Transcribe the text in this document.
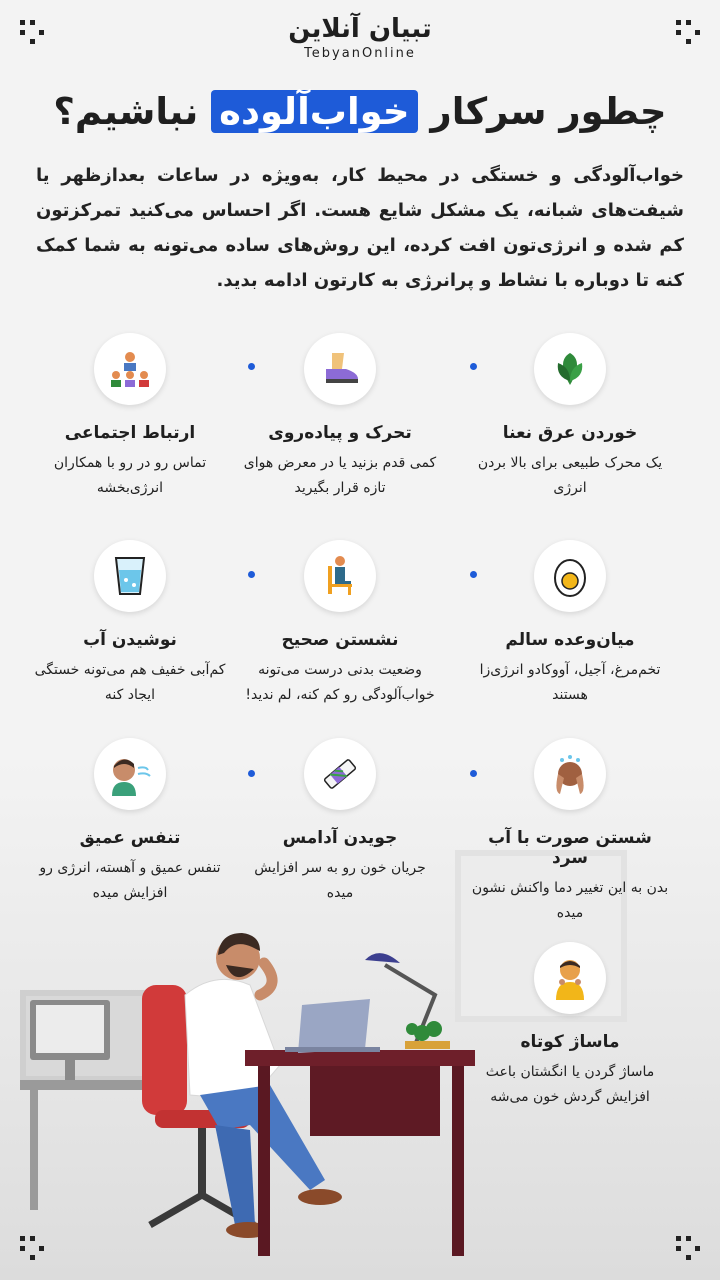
تبیان آنلاین
TebyanOnline
چطور سرکار خواب‌آلوده نباشیم؟
خواب‌آلودگی و خستگی در محیط کار، به‌ویژه در ساعات بعدازظهر یا شیفت‌های شبانه، یک مشکل شایع هست. اگر احساس می‌کنید تمرکزتون کم شده و انرژی‌تون افت کرده، این روش‌های ساده می‌تونه به شما کمک کنه تا دوباره با نشاط و پرانرژی به کارتون ادامه بدید.
خوردن عرق نعنا
یک محرک طبیعی برای بالا بردن انرژی
تحرک و پیاده‌روی
کمی قدم بزنید یا در معرض هوای تازه قرار بگیرید
ارتباط اجتماعی
تماس رو در رو با همکاران انرژی‌بخشه
میان‌وعده سالم
تخم‌مرغ، آجیل، آووکادو انرژی‌زا هستند
نشستن صحیح
وضعیت بدنی درست می‌تونه خواب‌آلودگی رو کم کنه، لم ندید!
نوشیدن آب
کم‌آبی خفیف هم می‌تونه خستگی ایجاد کنه
شستن صورت با آب سرد
بدن به این تغییر دما واکنش نشون میده
جویدن آدامس
جریان خون رو به سر افزایش میده
تنفس عمیق
تنفس عمیق و آهسته، انرژی رو افزایش میده
ماساژ کوتاه
ماساژ گردن یا انگشتان باعث افزایش گردش خون می‌شه
